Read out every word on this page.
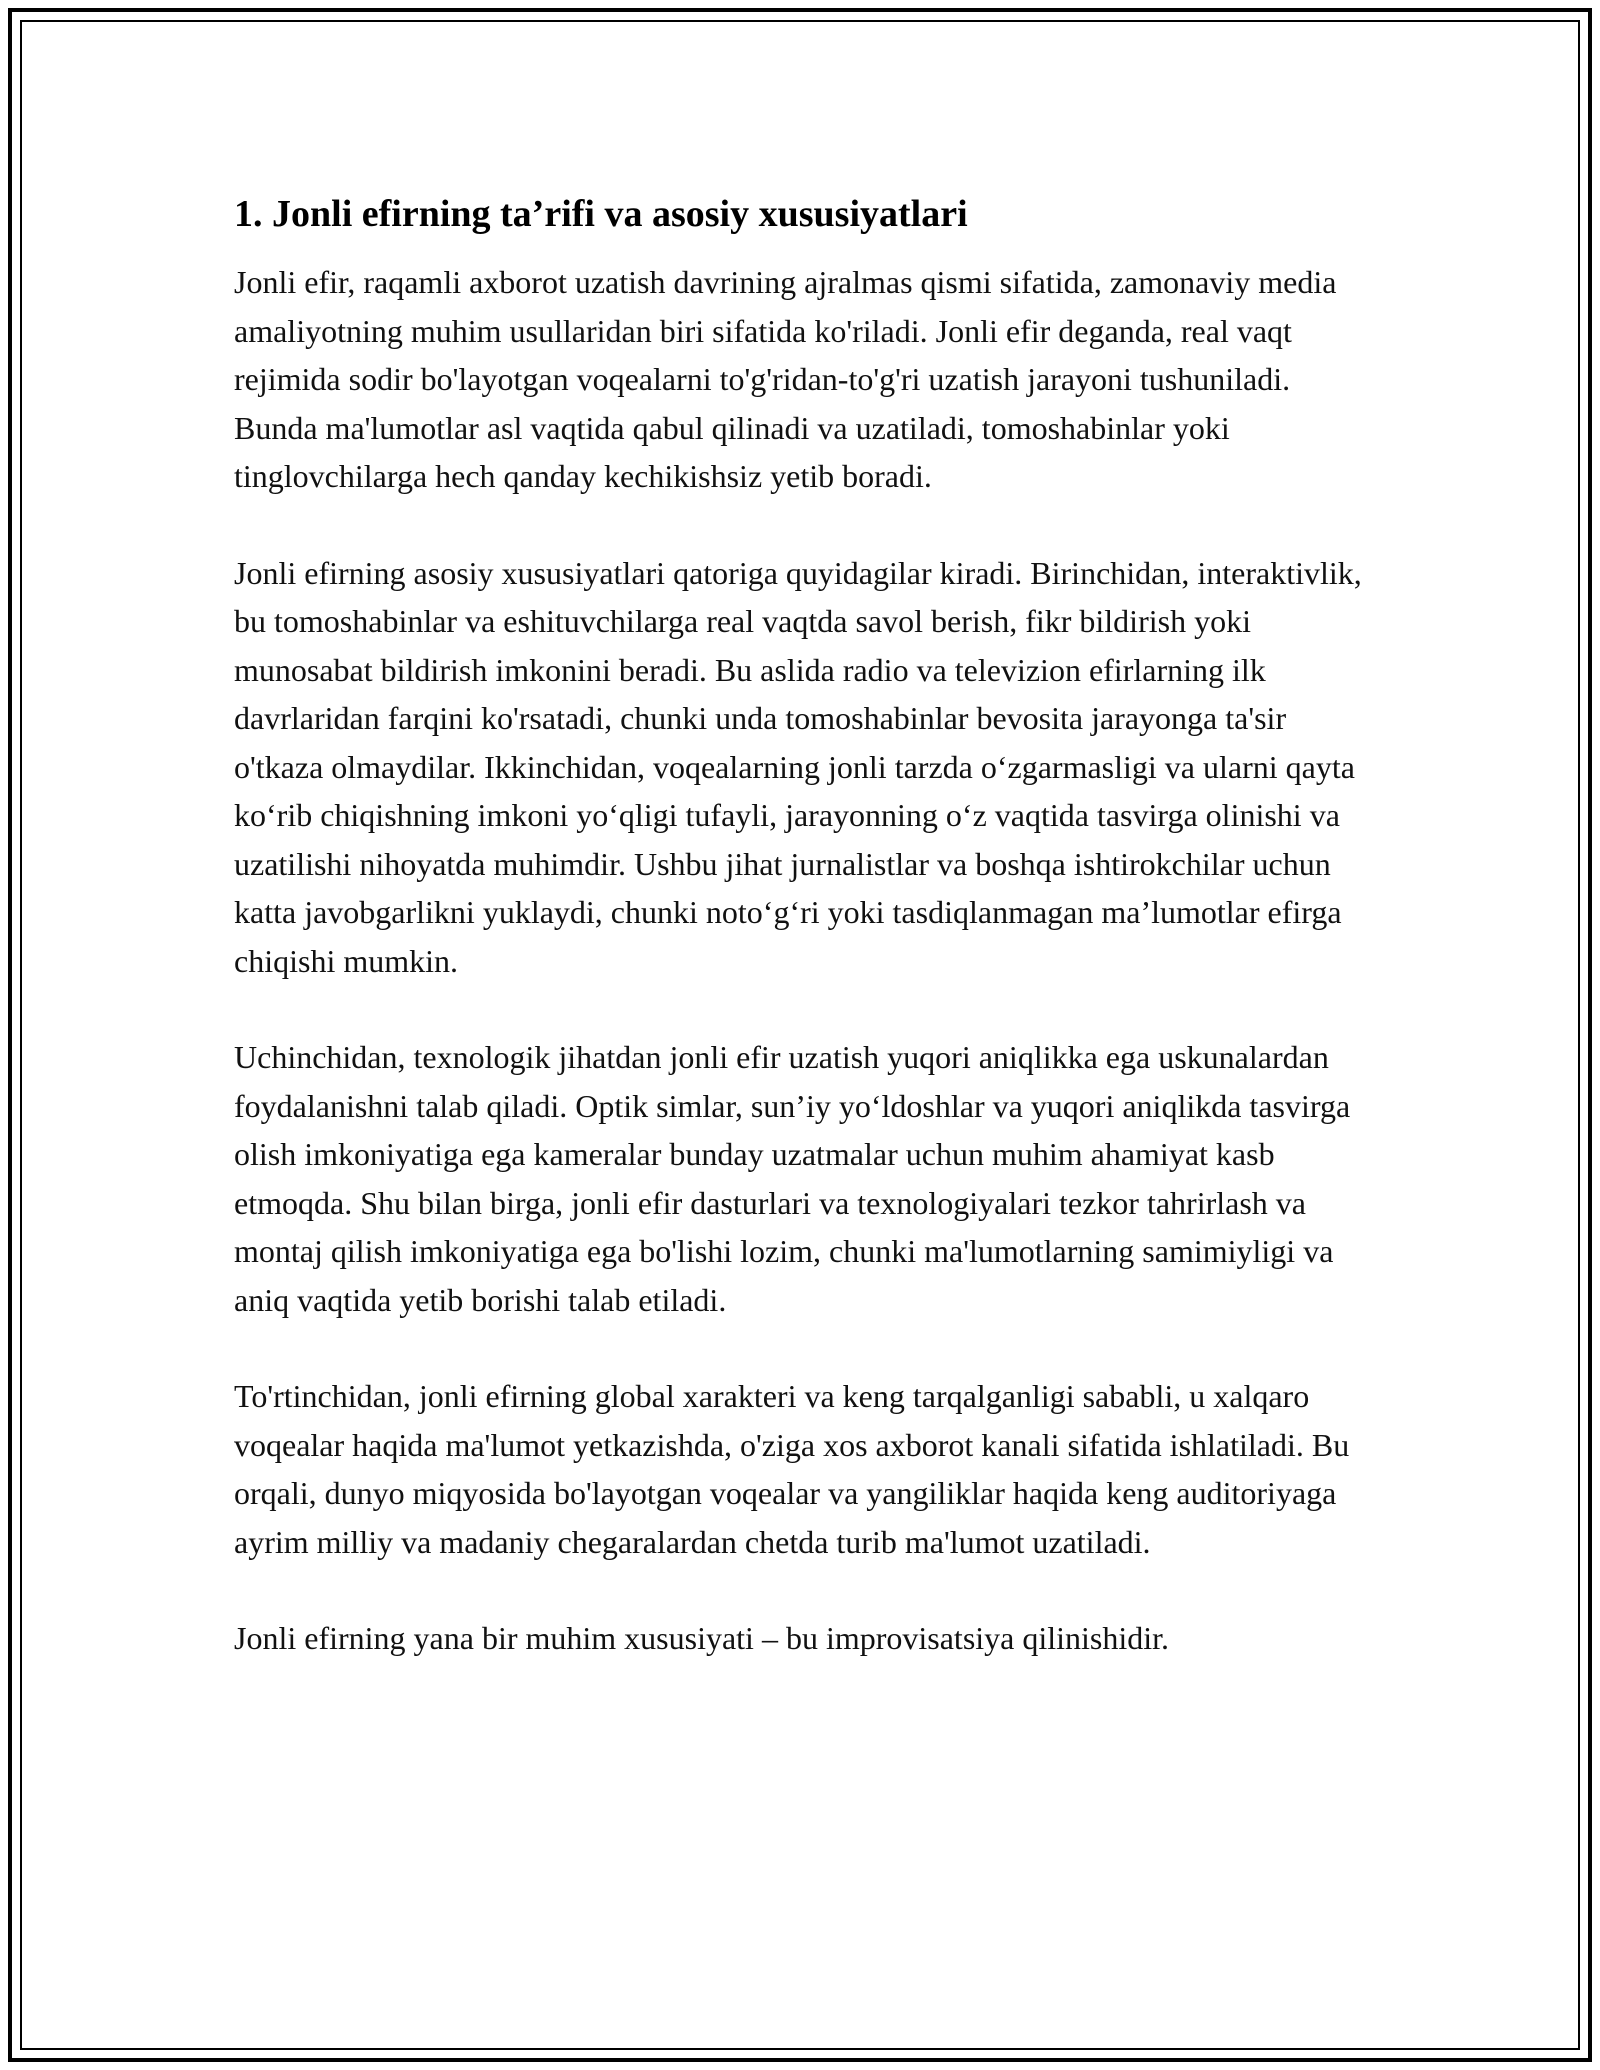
1. Jonli efirning ta’rifi va asosiy xususiyatlari

Jonli efir, raqamli axborot uzatish davrining ajralmas qismi sifatida, zamonaviy media amaliyotning muhim usullaridan biri sifatida ko'riladi. Jonli efir deganda, real vaqt rejimida sodir bo'layotgan voqealarni to'g'ridan-to'g'ri uzatish jarayoni tushuniladi. Bunda ma'lumotlar asl vaqtida qabul qilinadi va uzatiladi, tomoshabinlar yoki tinglovchilarga hech qanday kechikishsiz yetib boradi.

Jonli efirning asosiy xususiyatlari qatoriga quyidagilar kiradi. Birinchidan, interaktivlik, bu tomoshabinlar va eshituvchilarga real vaqtda savol berish, fikr bildirish yoki munosabat bildirish imkonini beradi. Bu aslida radio va televizion efirlarning ilk davrlaridan farqini ko'rsatadi, chunki unda tomoshabinlar bevosita jarayonga ta'sir o'tkaza olmaydilar. Ikkinchidan, voqealarning jonli tarzda oʻzgarmasligi va ularni qayta koʻrib chiqishning imkoni yoʻqligi tufayli, jarayonning oʻz vaqtida tasvirga olinishi va uzatilishi nihoyatda muhimdir. Ushbu jihat jurnalistlar va boshqa ishtirokchilar uchun katta javobgarlikni yuklaydi, chunki notoʻgʻri yoki tasdiqlanmagan ma’lumotlar efirga chiqishi mumkin.

Uchinchidan, texnologik jihatdan jonli efir uzatish yuqori aniqlikka ega uskunalardan foydalanishni talab qiladi. Optik simlar, sun’iy yoʻldoshlar va yuqori aniqlikda tasvirga olish imkoniyatiga ega kameralar bunday uzatmalar uchun muhim ahamiyat kasb etmoqda. Shu bilan birga, jonli efir dasturlari va texnologiyalari tezkor tahrirlash va montaj qilish imkoniyatiga ega bo'lishi lozim, chunki ma'lumotlarning samimiyligi va aniq vaqtida yetib borishi talab etiladi.

To'rtinchidan, jonli efirning global xarakteri va keng tarqalganligi sababli, u xalqaro voqealar haqida ma'lumot yetkazishda, o'ziga xos axborot kanali sifatida ishlatiladi. Bu orqali, dunyo miqyosida bo'layotgan voqealar va yangiliklar haqida keng auditoriyaga ayrim milliy va madaniy chegaralardan chetda turib ma'lumot uzatiladi.

Jonli efirning yana bir muhim xususiyati – bu improvisatsiya qilinishidir.
